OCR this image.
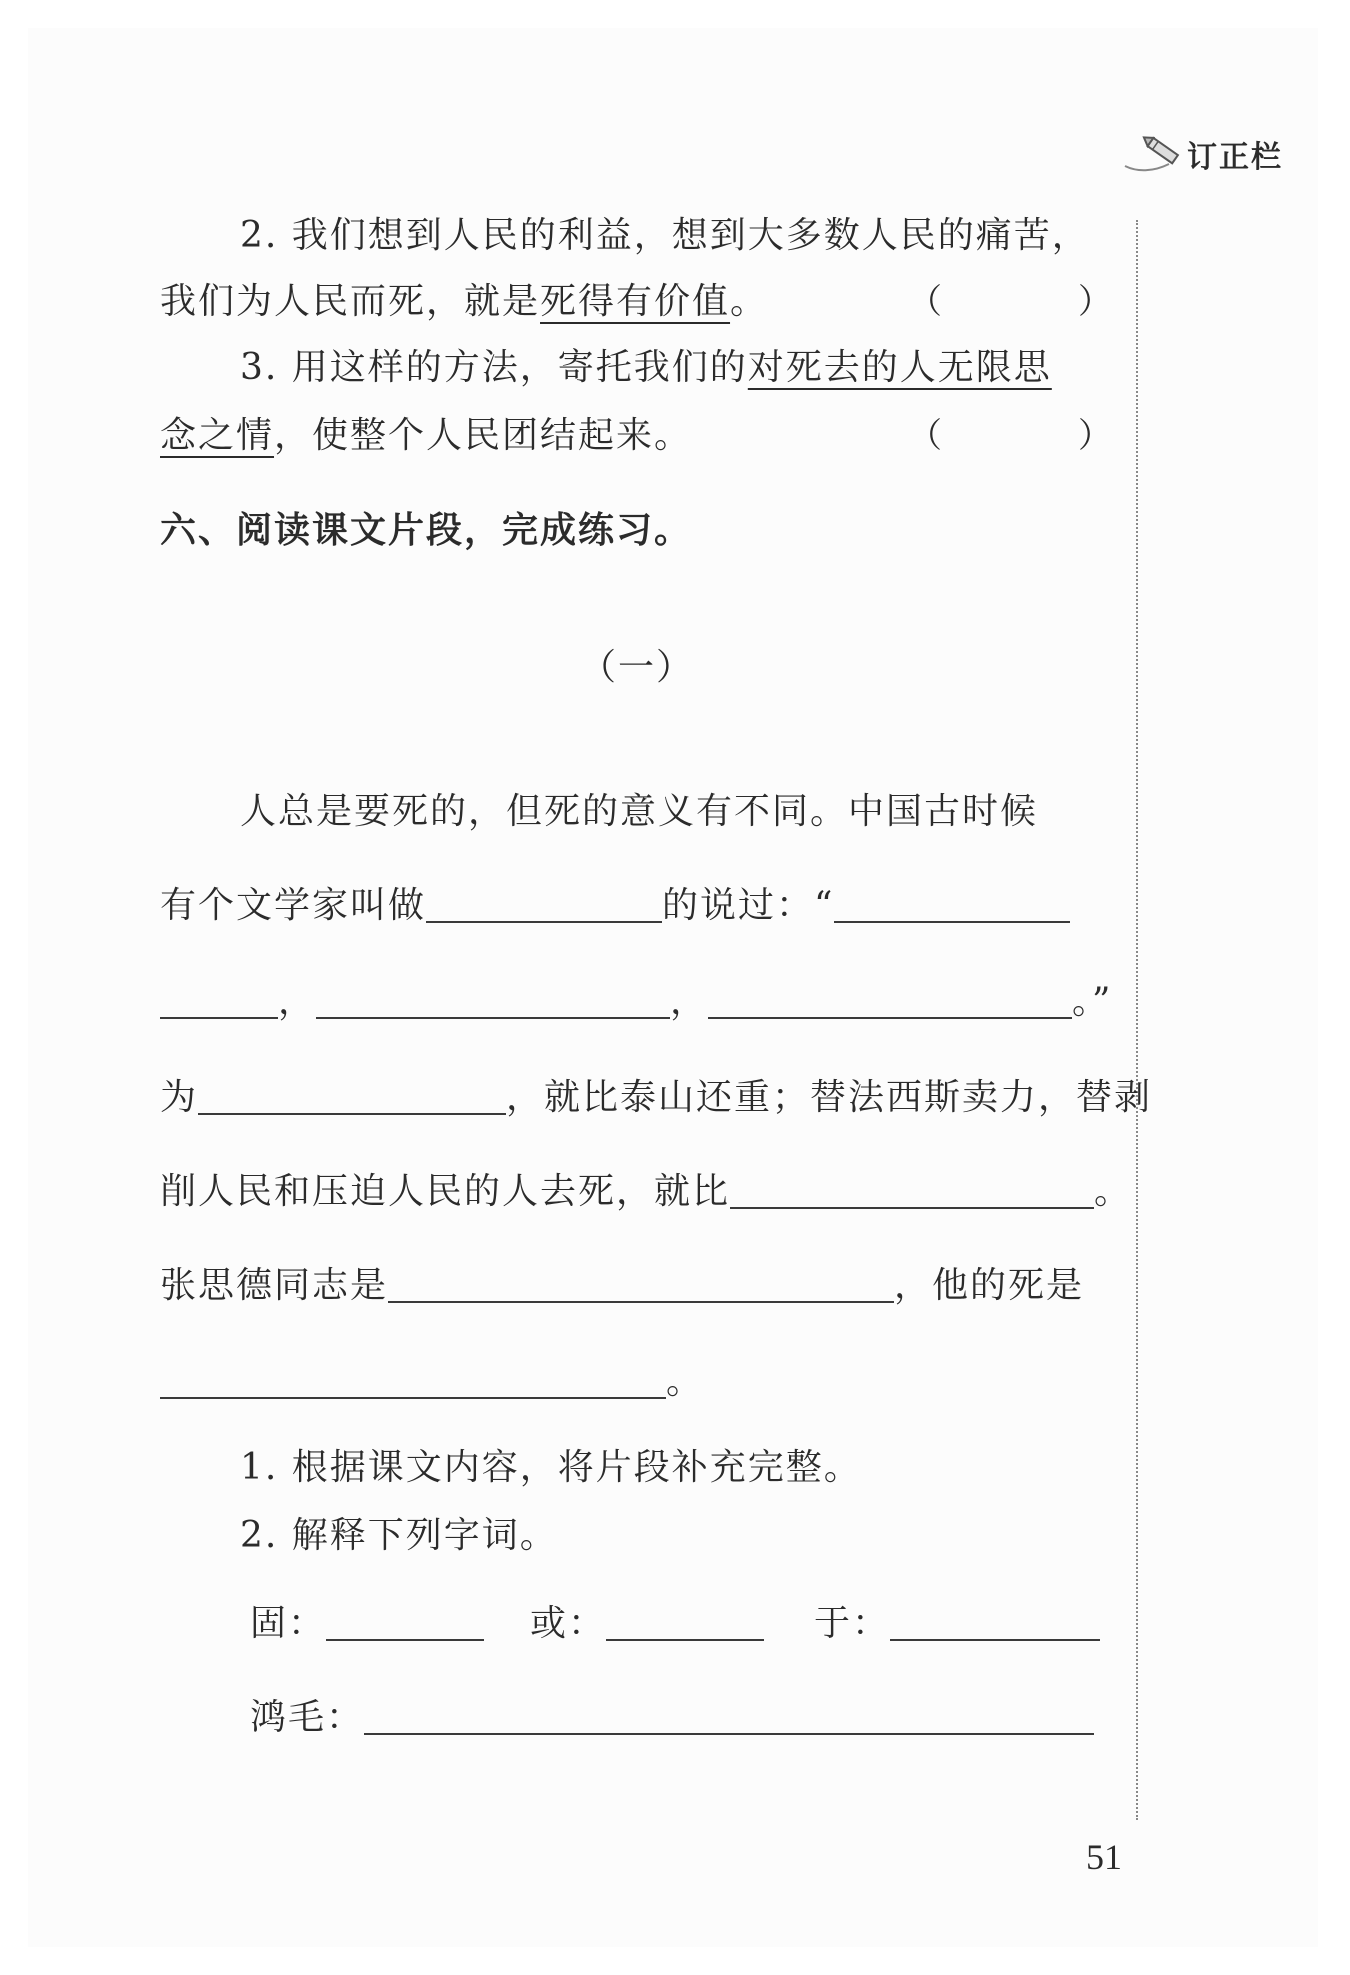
订正栏
2. 我们想到人民的利益，想到大多数人民的痛苦，
我们为人民而死，就是死得有价值。	（	）
3. 用这样的方法，寄托我们的对死去的人无限思
念之情，使整个人民团结起来。	（	）
六、阅读课文片段，完成练习。
（一）
人总是要死的，但死的意义有不同。中国古时候
有个文学家叫做	的说过：“
，	，	。”
为	，就比泰山还重；替法西斯卖力，替剥
削人民和压迫人民的人去死，就比	。
张思德同志是	，他的死是
。
1. 根据课文内容，将片段补充完整。
2. 解释下列字词。
固：	或：	于：
鸿毛：
51
